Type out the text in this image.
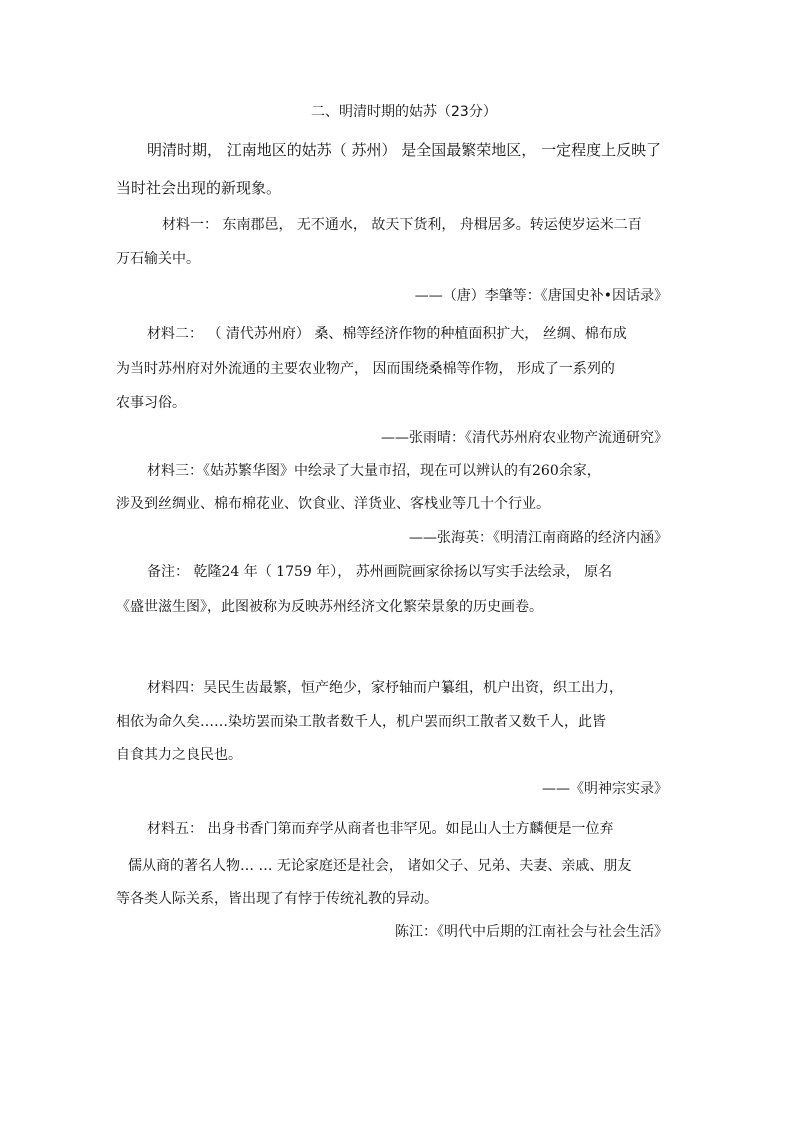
二、明清时期的姑苏（23分）
明清时期， 江南地区的姑苏（ 苏州） 是全国最繁荣地区， 一定程度上反映了
当时社会出现的新现象。
材料一： 东南郡邑， 无不通水， 故天下货利， 舟楫居多。转运使岁运米二百
万石输关中。
——（唐）李肇等：《唐国史补•因话录》
材料二： （ 清代苏州府） 桑、棉等经济作物的种植面积扩大， 丝绸、棉布成
为当时苏州府对外流通的主要农业物产， 因而围绕桑棉等作物， 形成了一系列的
农事习俗。
——张雨晴：《清代苏州府农业物产流通研究》
材料三：《姑苏繁华图》中绘录了大量市招，现在可以辨认的有260余家，
涉及到丝绸业、棉布棉花业、饮食业、洋货业、客栈业等几十个行业。
——张海英：《明清江南商路的经济内涵》
备注： 乾隆24 年（ 1759 年）， 苏州画院画家徐扬以写实手法绘录， 原名
《盛世滋生图》，此图被称为反映苏州经济文化繁荣景象的历史画卷。
材料四：吴民生齿最繁，恒产绝少，家杼轴而户纂组，机户出资，织工出力，
相依为命久矣……染坊罢而染工散者数千人，机户罢而织工散者又数千人，此皆
自食其力之良民也。
——《明神宗实录》
材料五： 出身书香门第而弃学从商者也非罕见。如昆山人士方麟便是一位弃
儒从商的著名人物… … 无论家庭还是社会， 诸如父子、兄弟、夫妻、亲戚、朋友
等各类人际关系，皆出现了有悖于传统礼教的异动。
陈江：《明代中后期的江南社会与社会生活》
